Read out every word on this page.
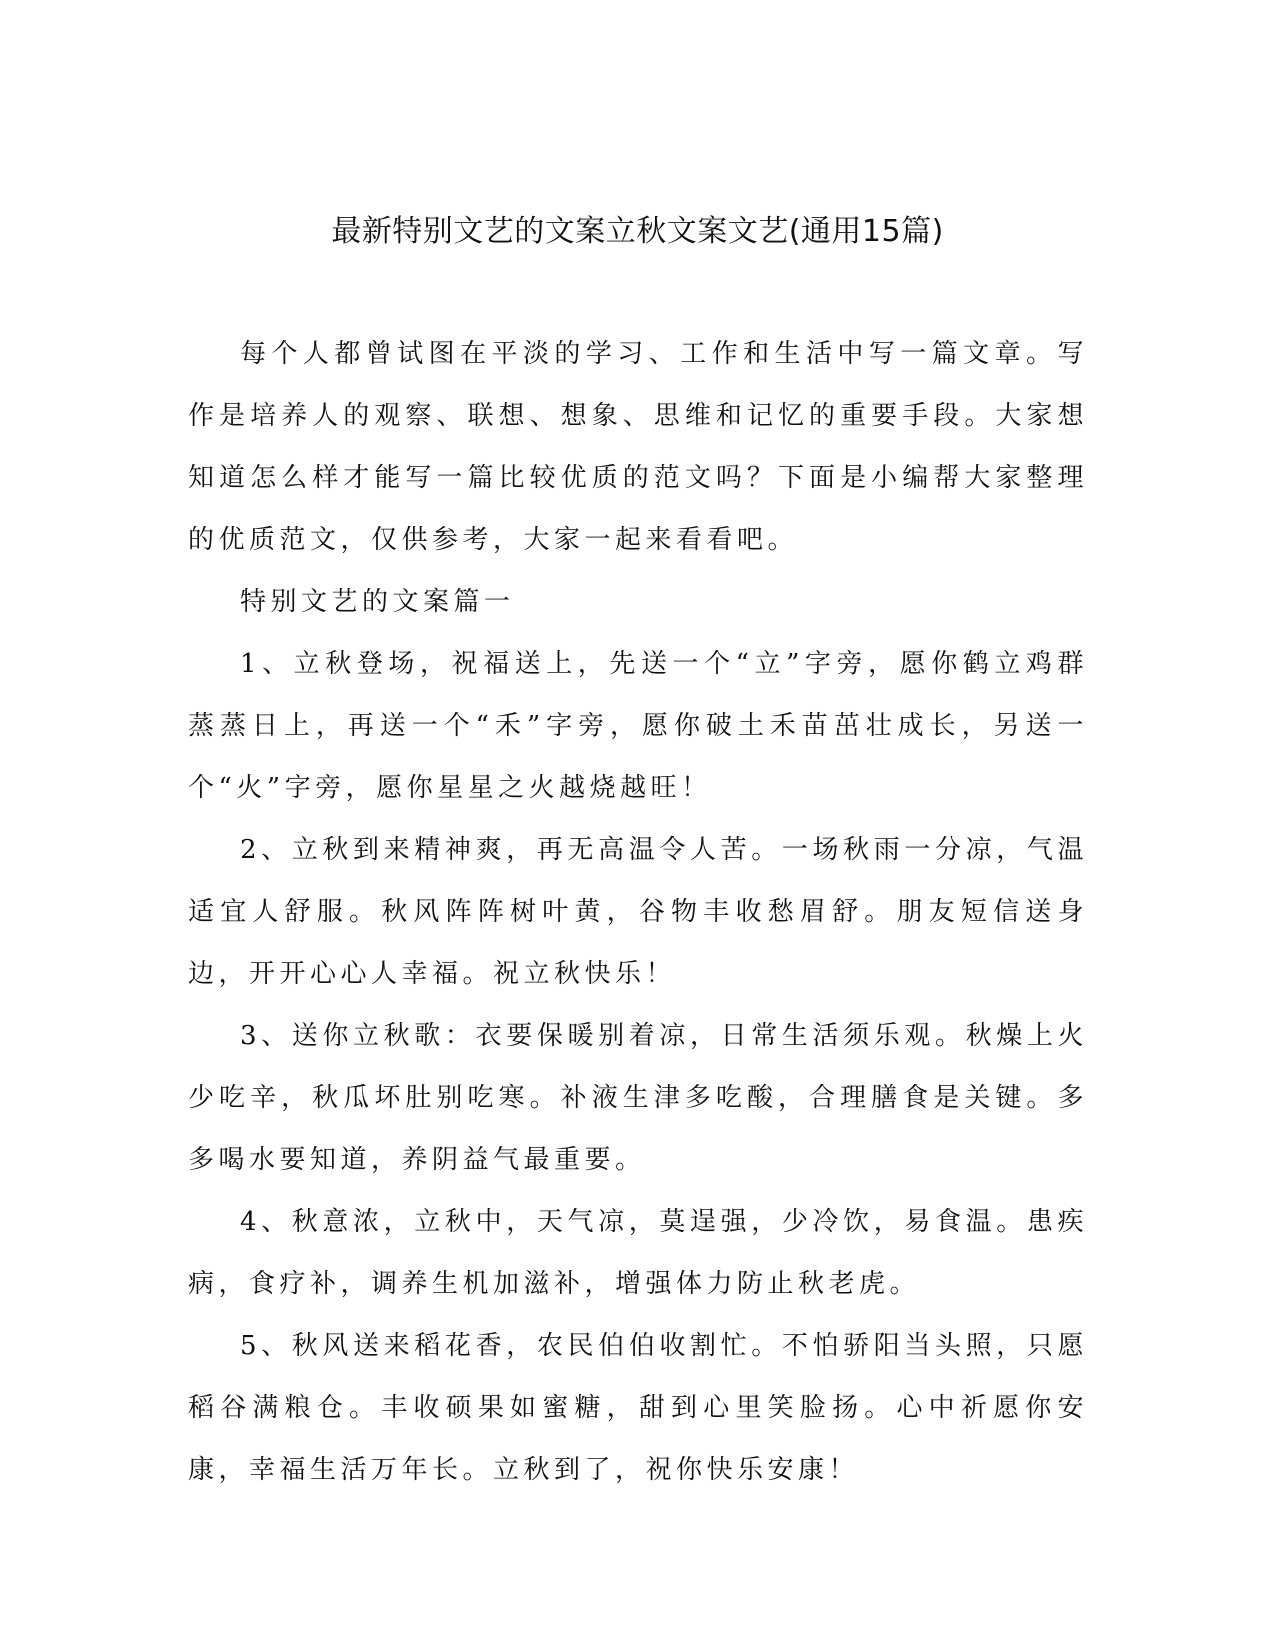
最新特别文艺的文案立秋文案文艺(通用15篇)

每个人都曾试图在平淡的学习、工作和生活中写一篇文章。写作是培养人的观察、联想、想象、思维和记忆的重要手段。大家想知道怎么样才能写一篇比较优质的范文吗？下面是小编帮大家整理的优质范文，仅供参考，大家一起来看看吧。

特别文艺的文案篇一

1、立秋登场，祝福送上，先送一个“立”字旁，愿你鹤立鸡群蒸蒸日上，再送一个“禾”字旁，愿你破土禾苗茁壮成长，另送一个“火”字旁，愿你星星之火越烧越旺！

2、立秋到来精神爽，再无高温令人苦。一场秋雨一分凉，气温适宜人舒服。秋风阵阵树叶黄，谷物丰收愁眉舒。朋友短信送身边，开开心心人幸福。祝立秋快乐！

3、送你立秋歌：衣要保暖别着凉，日常生活须乐观。秋燥上火少吃辛，秋瓜坏肚别吃寒。补液生津多吃酸，合理膳食是关键。多多喝水要知道，养阴益气最重要。

4、秋意浓，立秋中，天气凉，莫逞强，少冷饮，易食温。患疾病，食疗补，调养生机加滋补，增强体力防止秋老虎。

5、秋风送来稻花香，农民伯伯收割忙。不怕骄阳当头照，只愿稻谷满粮仓。丰收硕果如蜜糖，甜到心里笑脸扬。心中祈愿你安康，幸福生活万年长。立秋到了，祝你快乐安康！
